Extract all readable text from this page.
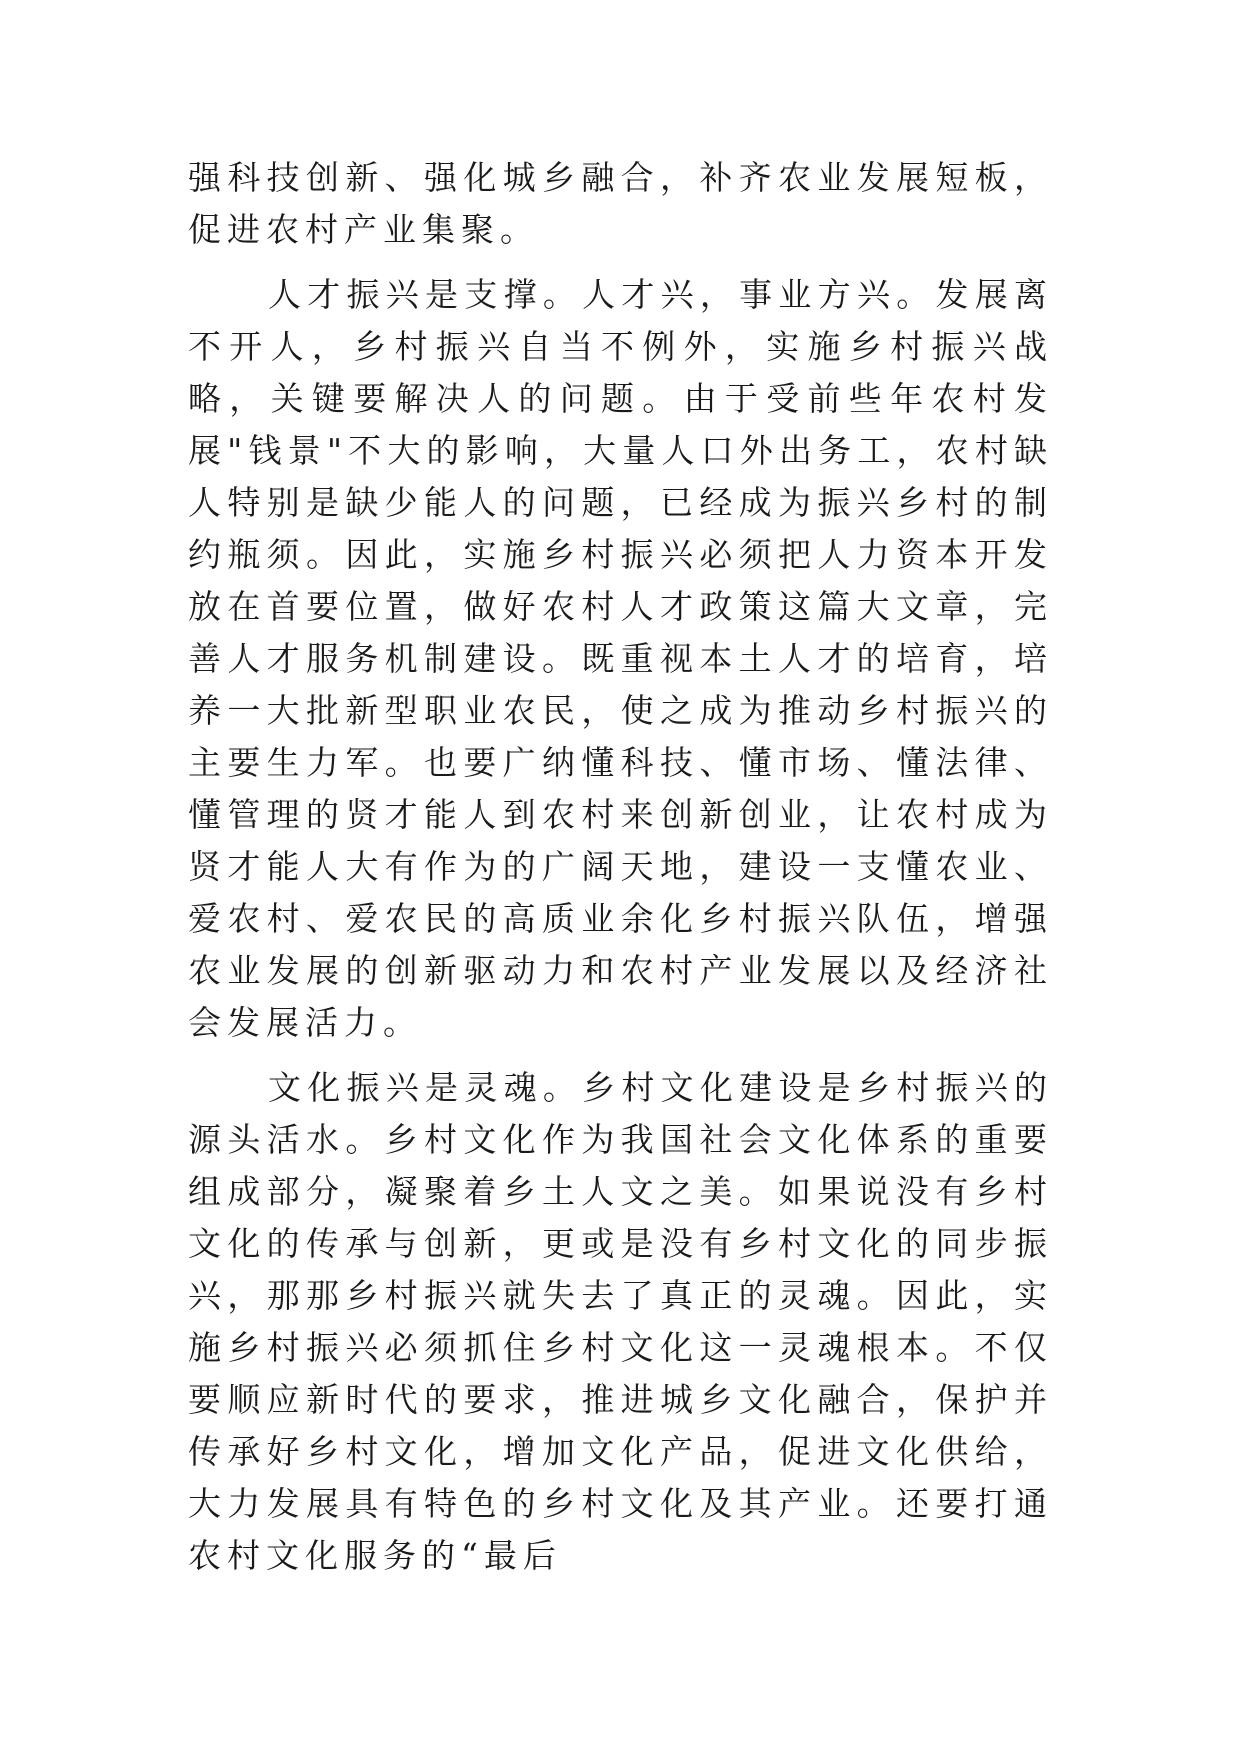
强科技创新、强化城乡融合，补齐农业发展短板，促进农村产业集聚。

人才振兴是支撑。人才兴，事业方兴。发展离不开人，乡村振兴自当不例外，实施乡村振兴战略，关键要解决人的问题。由于受前些年农村发展"钱景"不大的影响，大量人口外出务工，农村缺人特别是缺少能人的问题，已经成为振兴乡村的制约瓶须。因此，实施乡村振兴必须把人力资本开发放在首要位置，做好农村人才政策这篇大文章，完善人才服务机制建设。既重视本土人才的培育，培养一大批新型职业农民，使之成为推动乡村振兴的主要生力军。也要广纳懂科技、懂市场、懂法律、懂管理的贤才能人到农村来创新创业，让农村成为贤才能人大有作为的广阔天地，建设一支懂农业、爱农村、爱农民的高质业余化乡村振兴队伍，增强农业发展的创新驱动力和农村产业发展以及经济社会发展活力。

文化振兴是灵魂。乡村文化建设是乡村振兴的源头活水。乡村文化作为我国社会文化体系的重要组成部分，凝聚着乡土人文之美。如果说没有乡村文化的传承与创新，更或是没有乡村文化的同步振兴，那那乡村振兴就失去了真正的灵魂。因此，实施乡村振兴必须抓住乡村文化这一灵魂根本。不仅要顺应新时代的要求，推进城乡文化融合，保护并传承好乡村文化，增加文化产品，促进文化供给，大力发展具有特色的乡村文化及其产业。还要打通农村文化服务的“最后
